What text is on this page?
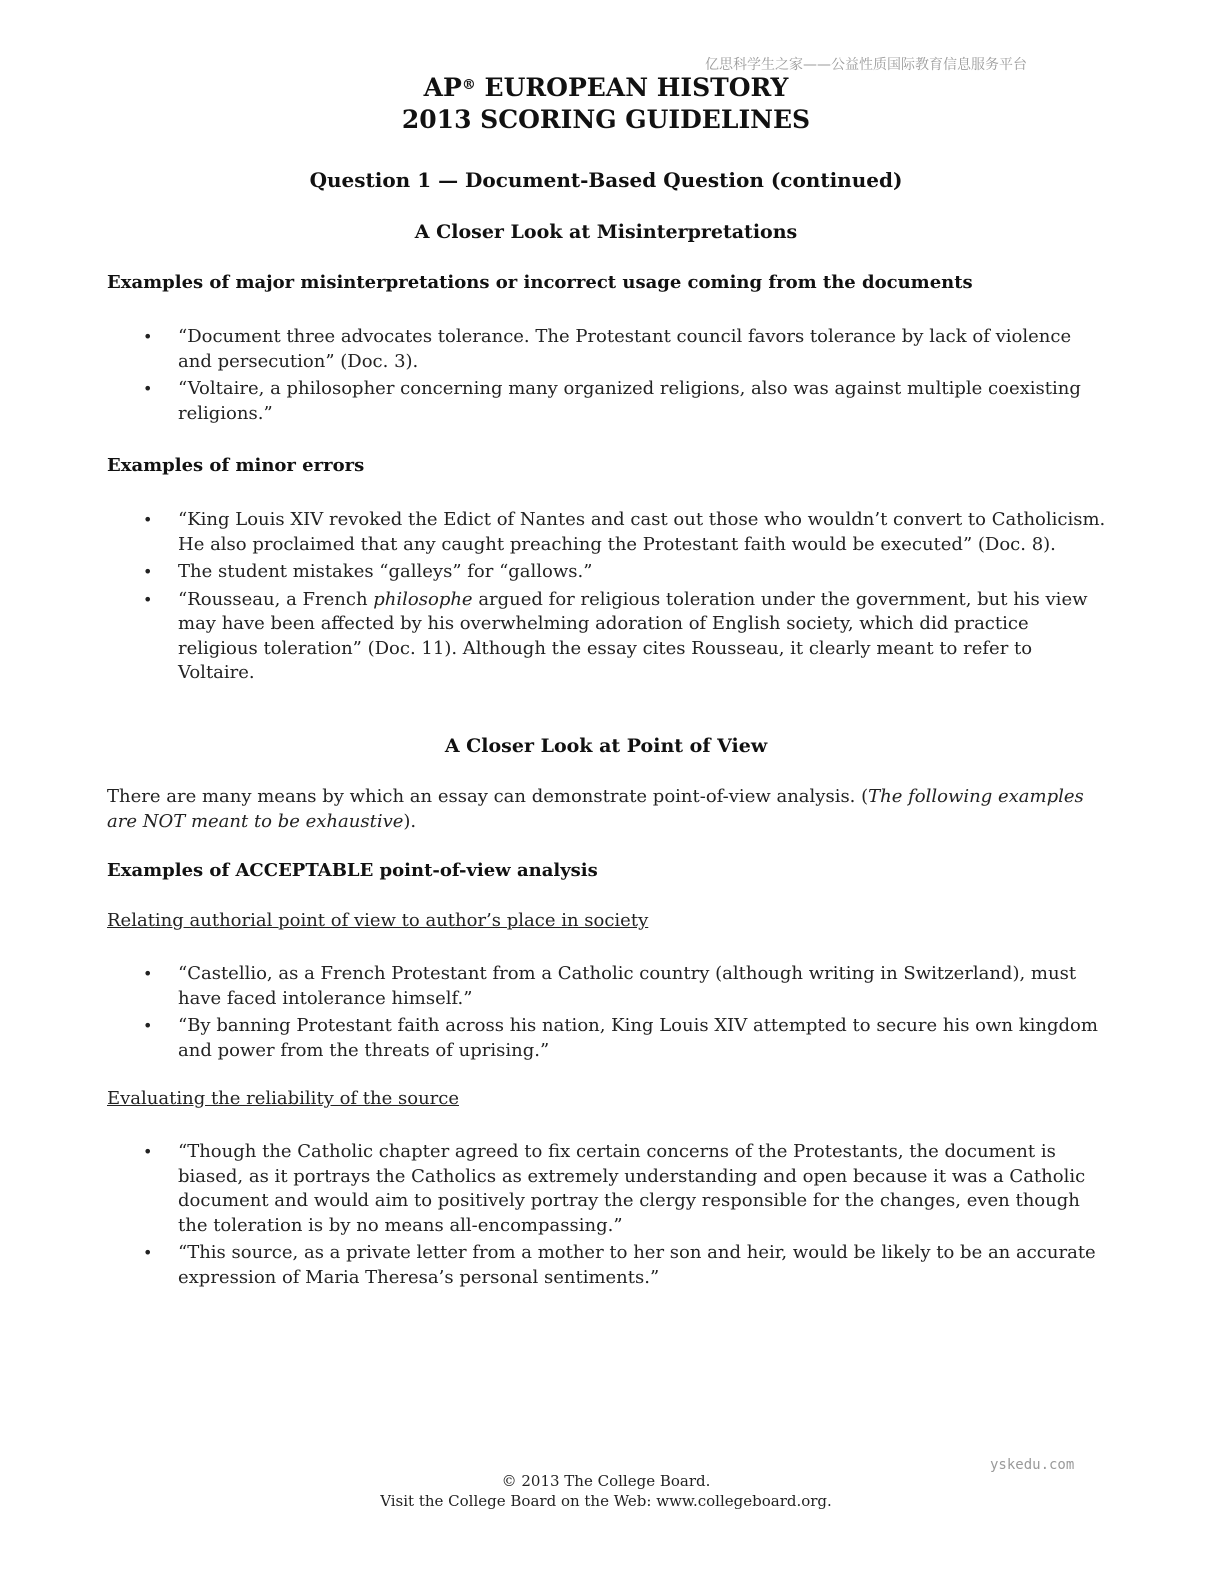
亿思科学生之家——公益性质国际教育信息服务平台
AP® EUROPEAN HISTORY
2013 SCORING GUIDELINES
Question 1 — Document-Based Question (continued)
A Closer Look at Misinterpretations
Examples of major misinterpretations or incorrect usage coming from the documents
• “Document three advocates tolerance. The Protestant council favors tolerance by lack of violence and persecution” (Doc. 3).
• “Voltaire, a philosopher concerning many organized religions, also was against multiple coexisting religions.”
Examples of minor errors
• “King Louis XIV revoked the Edict of Nantes and cast out those who wouldn’t convert to Catholicism. He also proclaimed that any caught preaching the Protestant faith would be executed” (Doc. 8).
• The student mistakes “galleys” for “gallows.”
• “Rousseau, a French philosophe argued for religious toleration under the government, but his view may have been affected by his overwhelming adoration of English society, which did practice religious toleration” (Doc. 11). Although the essay cites Rousseau, it clearly meant to refer to Voltaire.
A Closer Look at Point of View
There are many means by which an essay can demonstrate point-of-view analysis. (The following examples are NOT meant to be exhaustive).
Examples of ACCEPTABLE point-of-view analysis
Relating authorial point of view to author’s place in society
• “Castellio, as a French Protestant from a Catholic country (although writing in Switzerland), must have faced intolerance himself.”
• “By banning Protestant faith across his nation, King Louis XIV attempted to secure his own kingdom and power from the threats of uprising.”
Evaluating the reliability of the source
• “Though the Catholic chapter agreed to fix certain concerns of the Protestants, the document is biased, as it portrays the Catholics as extremely understanding and open because it was a Catholic document and would aim to positively portray the clergy responsible for the changes, even though the toleration is by no means all-encompassing.”
• “This source, as a private letter from a mother to her son and heir, would be likely to be an accurate expression of Maria Theresa’s personal sentiments.”
yskedu.com
© 2013 The College Board.
Visit the College Board on the Web: www.collegeboard.org.
